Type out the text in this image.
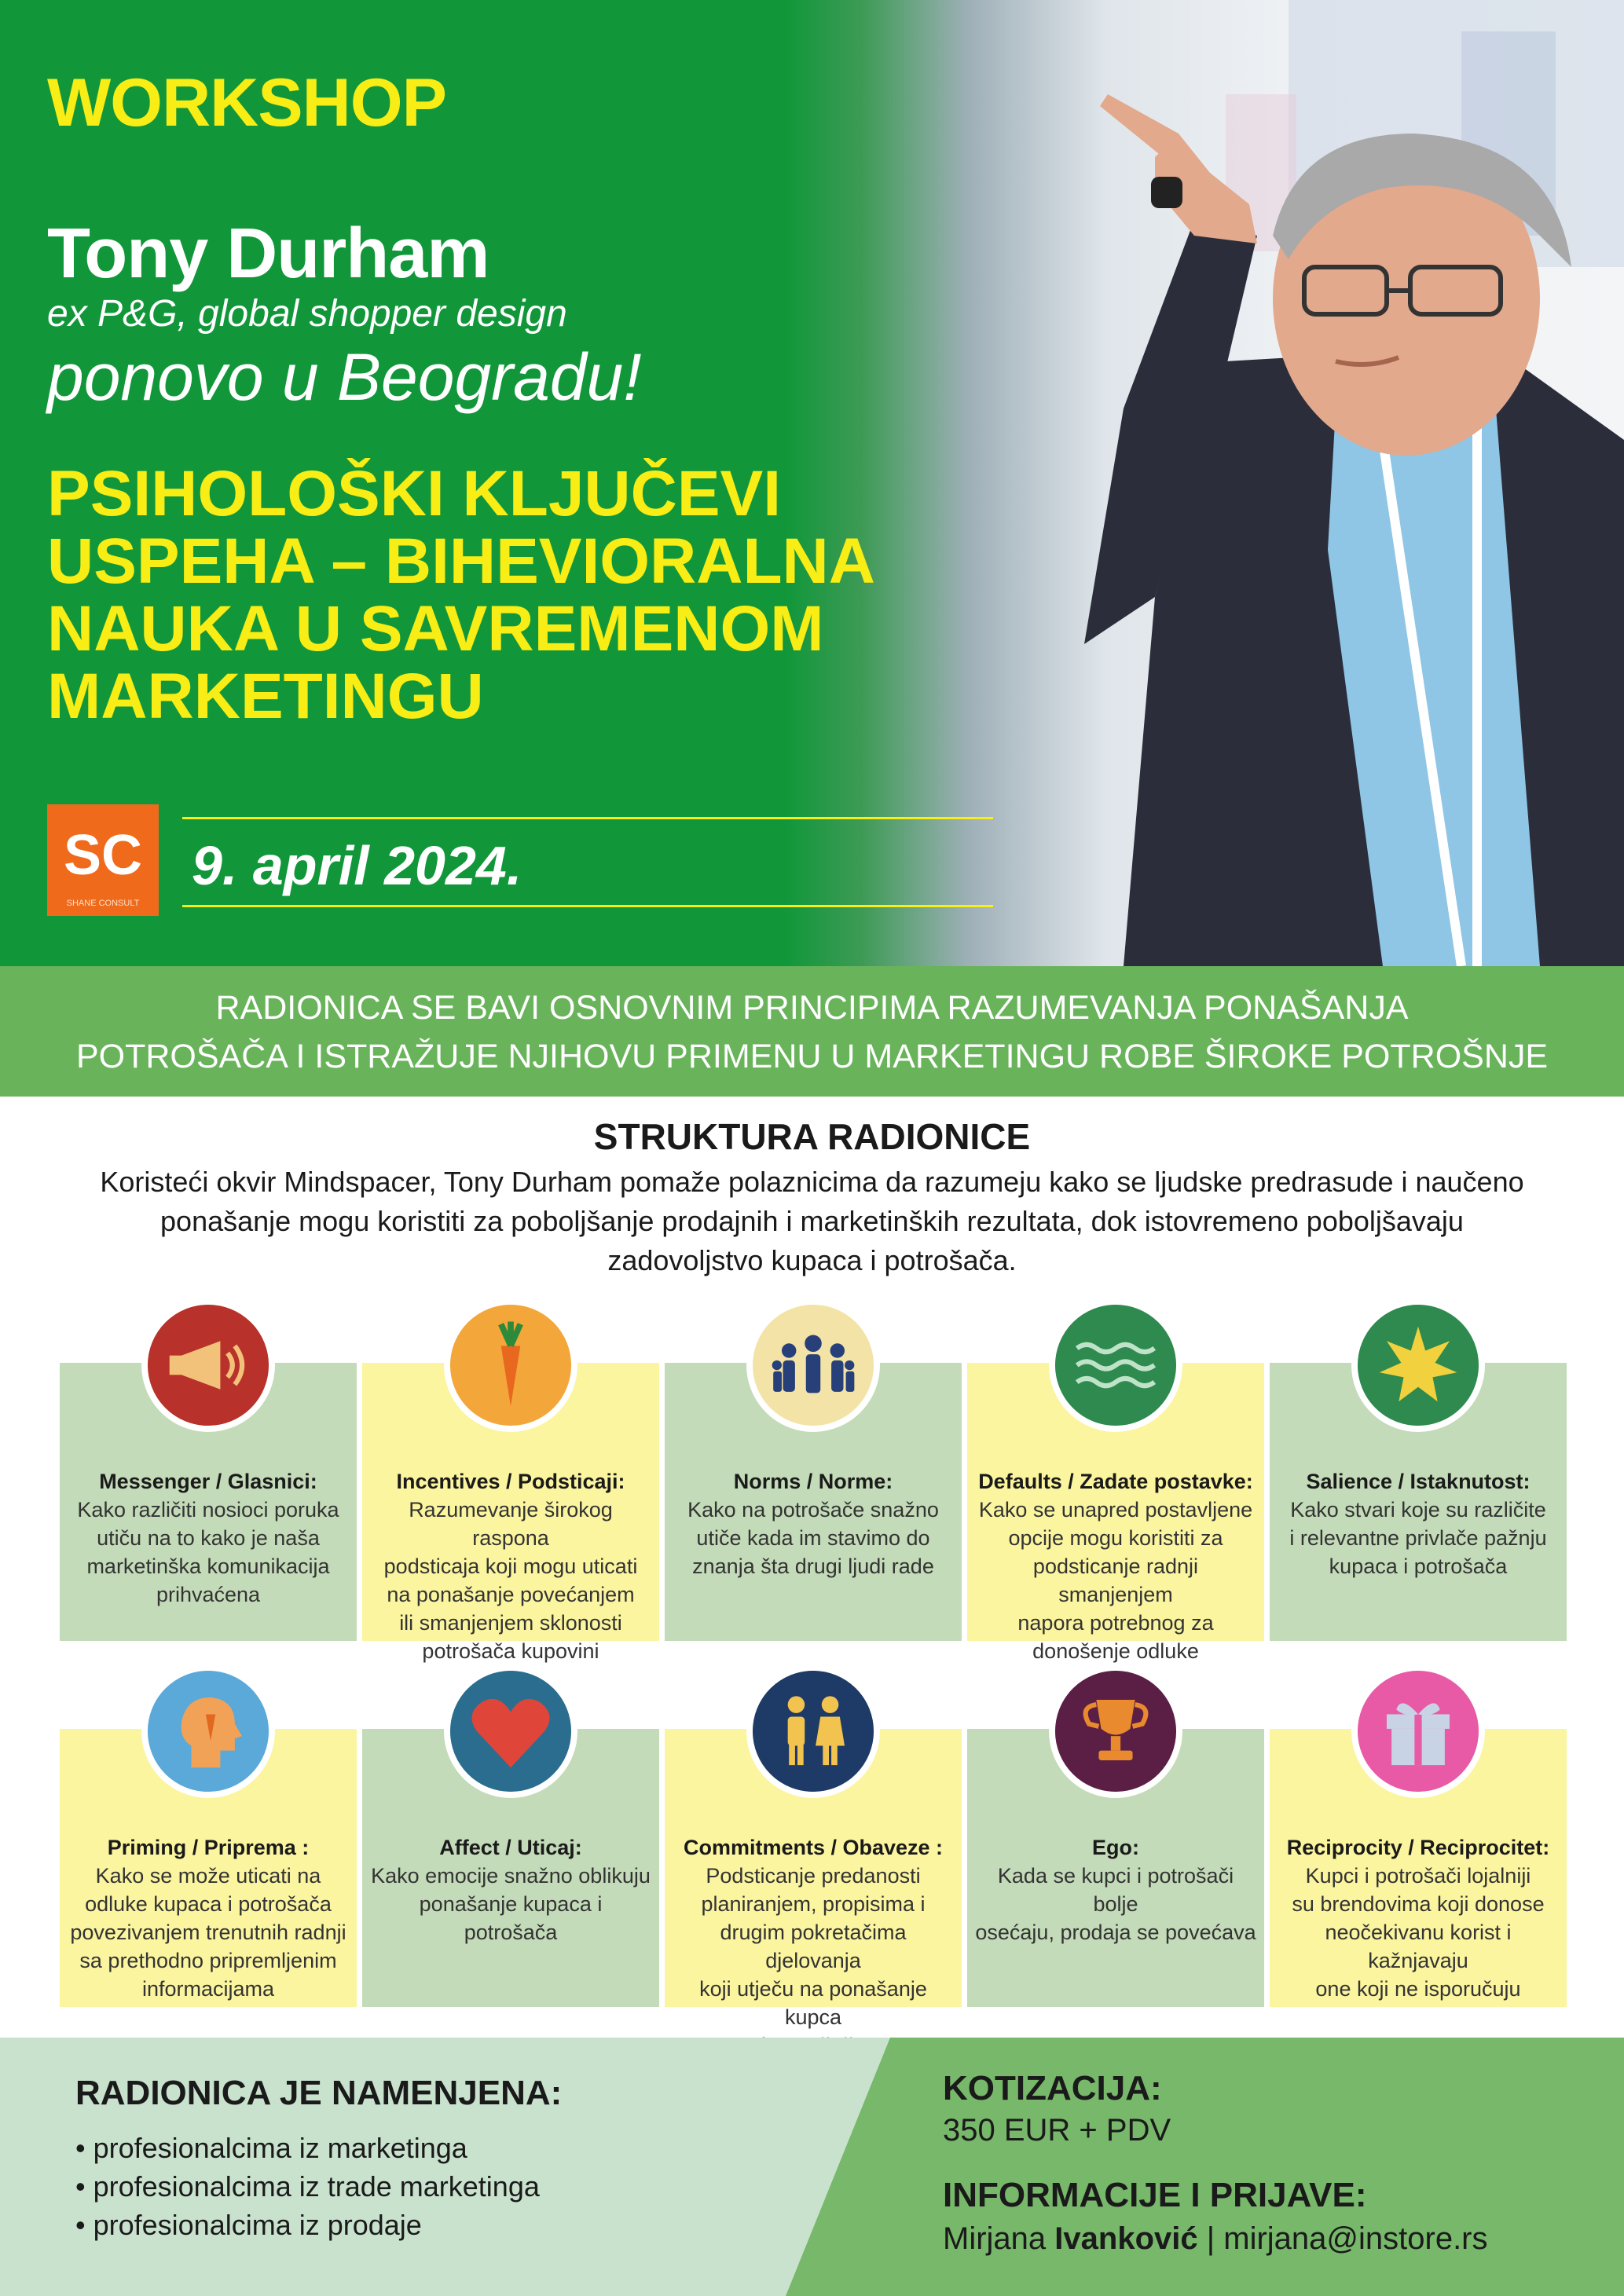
WORKSHOP
Tony Durham
ex P&G, global shopper design
ponovo u Beogradu!
PSIHOLOŠKI KLJUČEVI
USPEHA – BIHEVIORALNA
NAUKA U SAVREMENOM
MARKETINGU
SC
SHANE CONSULT
9. april 2024.
RADIONICA SE BAVI OSNOVNIM PRINCIPIMA RAZUMEVANJA PONAŠANJA
POTROŠAČA I ISTRAŽUJE NJIHOVU PRIMENU U MARKETINGU ROBE ŠIROKE POTROŠNJE
STRUKTURA RADIONICE
Koristeći okvir Mindspacer, Tony Durham pomaže polaznicima da razumeju kako se ljudske predrasude i naučeno
ponašanje mogu koristiti za poboljšanje prodajnih i marketinških rezultata, dok istovremeno poboljšavaju
zadovoljstvo kupaca i potrošača.
Messenger / Glasnici:
Kako različiti nosioci poruka
utiču na to kako je naša
marketinška komunikacija
prihvaćena
Incentives / Podsticaji:
Razumevanje širokog raspona
podsticaja koji mogu uticati
na ponašanje povećanjem
ili smanjenjem sklonosti
potrošača kupovini
Norms / Norme:
Kako na potrošače snažno
utiče kada im stavimo do
znanja šta drugi ljudi rade
Defaults / Zadate postavke:
Kako se unapred postavljene
opcije mogu koristiti za
podsticanje radnji smanjenjem
napora potrebnog za
donošenje odluke
Salience / Istaknutost:
Kako stvari koje su različite
i relevantne privlače pažnju
kupaca i potrošača
Priming / Priprema :
Kako se može uticati na
odluke kupaca i potrošača
povezivanjem trenutnih radnji
sa prethodno pripremljenim
informacijama
Affect / Uticaj:
Kako emocije snažno oblikuju
ponašanje kupaca i potrošača
Commitments / Obaveze :
Podsticanje predanosti
planiranjem, propisima i
drugim pokretačima djelovanja
koji utječu na ponašanje kupca
Ego:
Kada se kupci i potrošači bolje
osećaju, prodaja se povećava
Reciprocity / Reciprocitet:
Kupci i potrošači lojalniji
su brendovima koji donose
neočekivanu korist i kažnjavaju
one koji ne isporučuju
RADIONICA JE NAMENJENA:
• profesionalcima iz marketinga
• profesionalcima iz trade marketinga
• profesionalcima iz prodaje
KOTIZACIJA:
350 EUR + PDV
INFORMACIJE I PRIJAVE:
Mirjana Ivanković | mirjana@instore.rs
